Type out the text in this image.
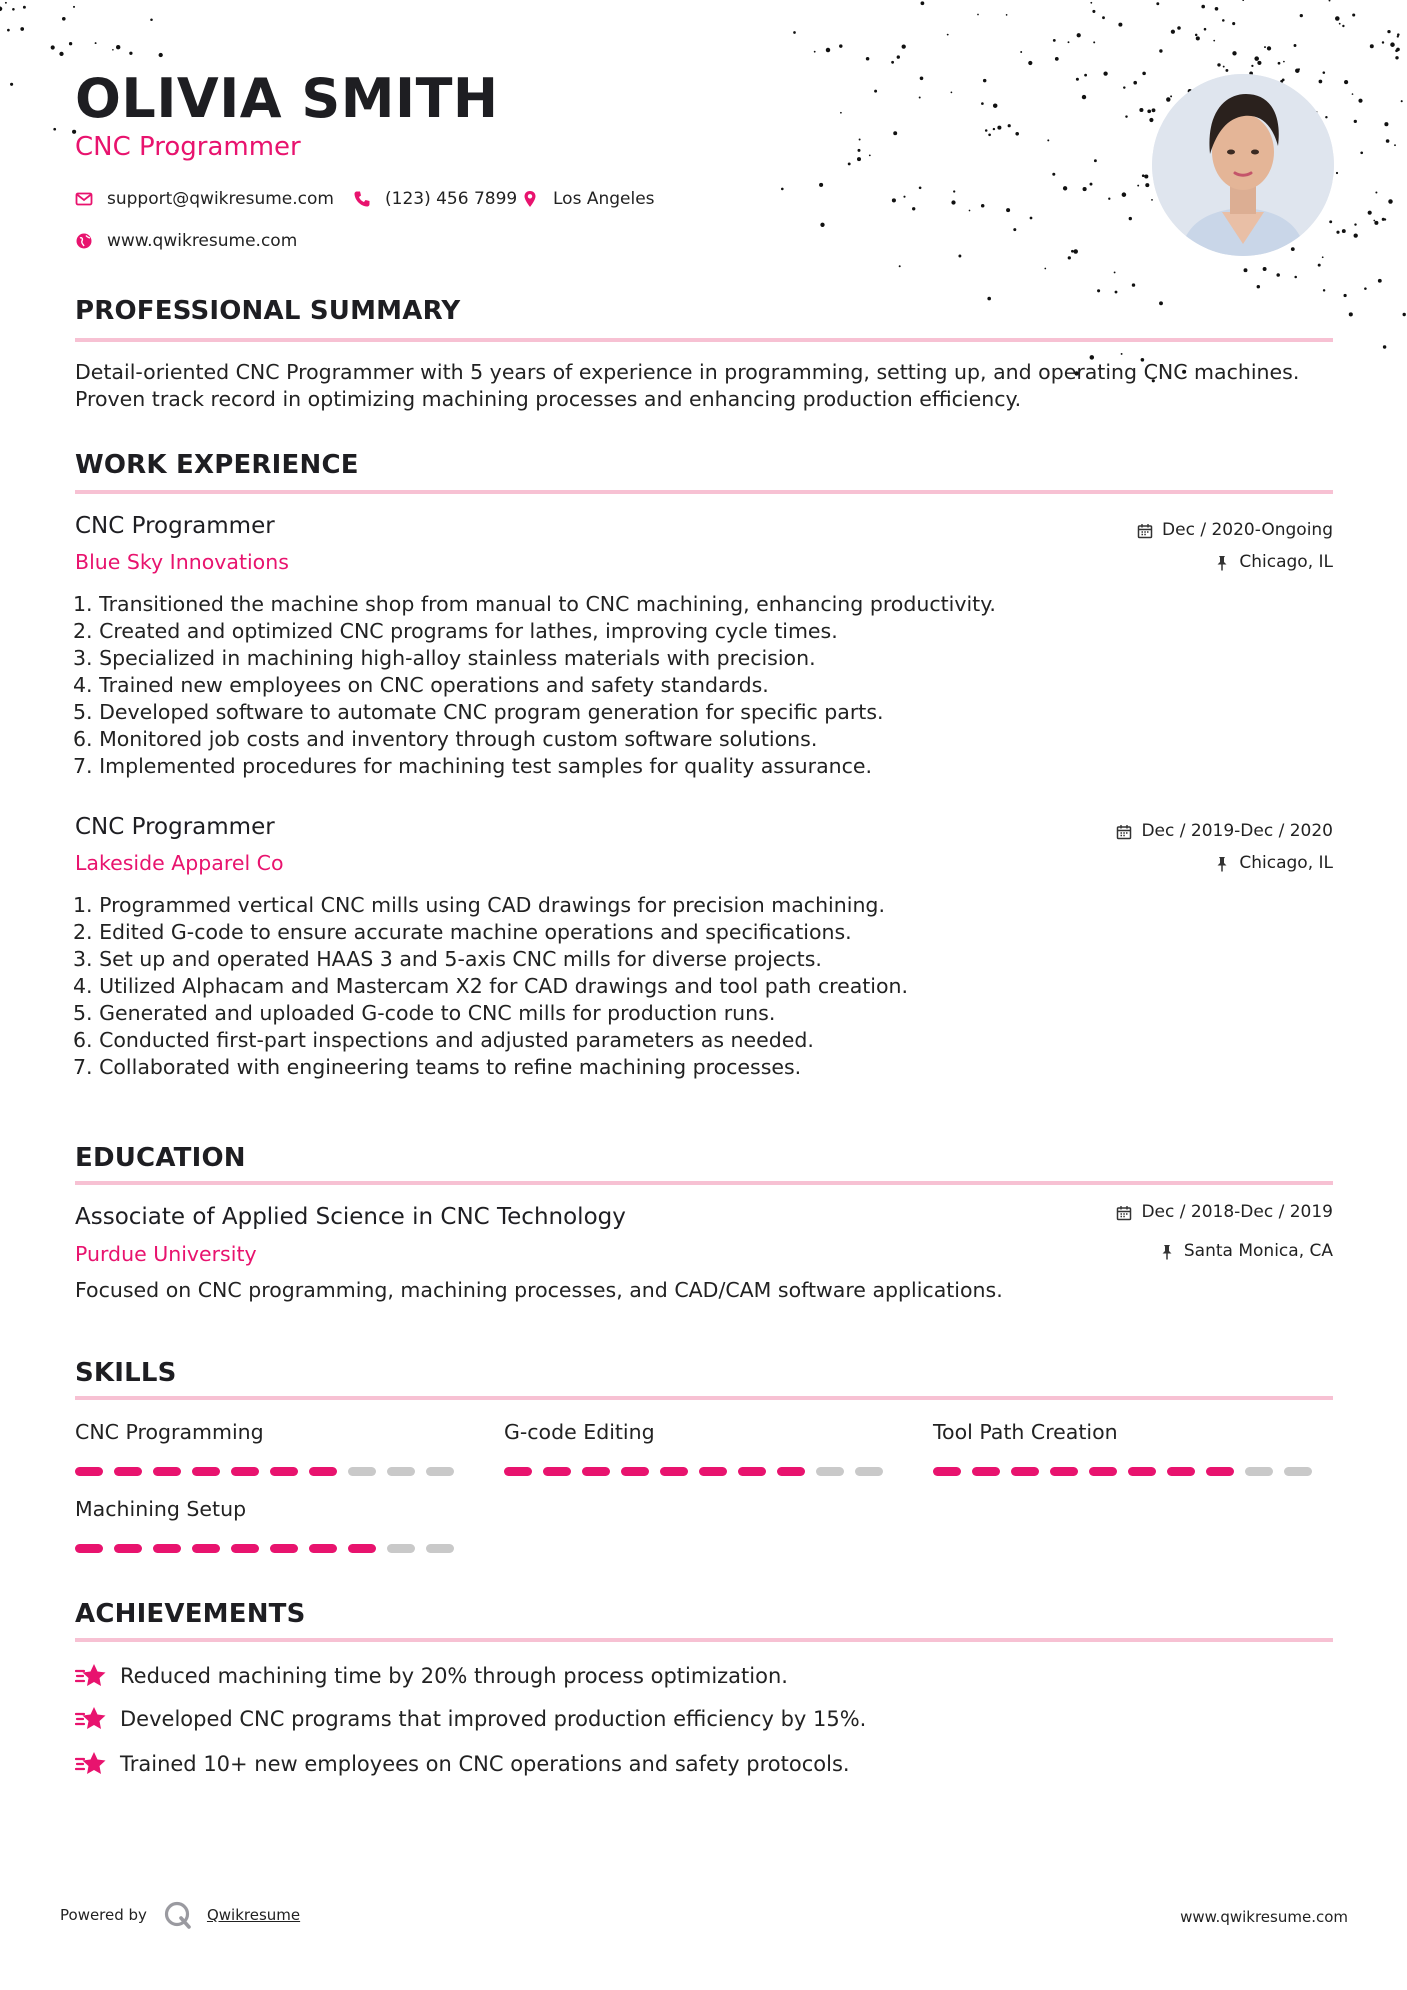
OLIVIA SMITH
CNC Programmer
support@qwikresume.com	(123) 456 7899 Los Angeles
www.qwikresume.com
PROFESSIONAL SUMMARY
Detail-oriented CNC Programmer with 5 years of experience in programming, setting up, and operating CNC machines.
Proven track record in optimizing machining processes and enhancing production efficiency.
WORK EXPERIENCE
CNC Programmer
Blue Sky Innovations
Dec / 2020-Ongoing
Chicago, IL
1. Transitioned the machine shop from manual to CNC machining, enhancing productivity.
2. Created and optimized CNC programs for lathes, improving cycle times.
3. Specialized in machining high-alloy stainless materials with precision.
4. Trained new employees on CNC operations and safety standards.
5. Developed software to automate CNC program generation for specific parts.
6. Monitored job costs and inventory through custom software solutions.
7. Implemented procedures for machining test samples for quality assurance.
CNC Programmer
Lakeside Apparel Co
Dec / 2019-Dec / 2020
Chicago, IL
1. Programmed vertical CNC mills using CAD drawings for precision machining.
2. Edited G-code to ensure accurate machine operations and specifications.
3. Set up and operated HAAS 3 and 5-axis CNC mills for diverse projects.
4. Utilized Alphacam and Mastercam X2 for CAD drawings and tool path creation.
5. Generated and uploaded G-code to CNC mills for production runs.
6. Conducted first-part inspections and adjusted parameters as needed.
7. Collaborated with engineering teams to refine machining processes.
EDUCATION
Associate of Applied Science in CNC Technology
Purdue University
Dec / 2018-Dec / 2019
Santa Monica, CA
Focused on CNC programming, machining processes, and CAD/CAM software applications.
SKILLS
CNC Programming	G-code Editing	Tool Path Creation
Machining Setup
ACHIEVEMENTS
Reduced machining time by 20% through process optimization.
Developed CNC programs that improved production efficiency by 15%.
Trained 10+ new employees on CNC operations and safety protocols.
Powered by	Qwikresume	www.qwikresume.com
